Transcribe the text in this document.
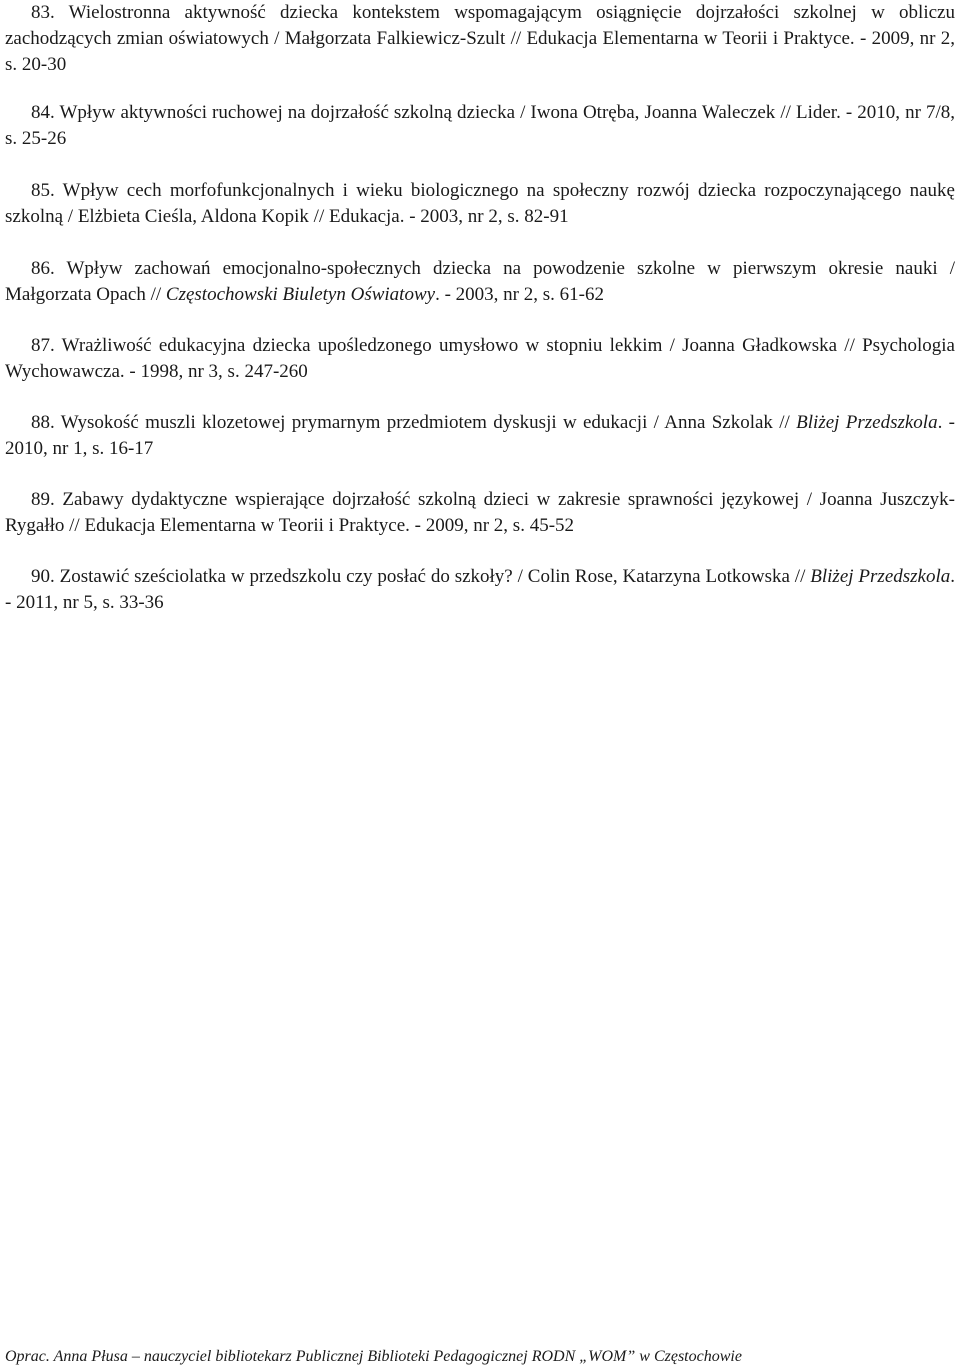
83. Wielostronna aktywność dziecka kontekstem wspomagającym osiągnięcie dojrzałości szkolnej w obliczu zachodzących zmian oświatowych / Małgorzata Falkiewicz-Szult // Edukacja Elementarna w Teorii i Praktyce. - 2009, nr 2, s. 20-30
84. Wpływ aktywności ruchowej na dojrzałość szkolną dziecka / Iwona Otręba, Joanna Waleczek // Lider. - 2010, nr 7/8, s. 25-26
85. Wpływ cech morfofunkcjonalnych i wieku biologicznego na społeczny rozwój dziecka rozpoczynającego naukę szkolną / Elżbieta Cieśla, Aldona Kopik // Edukacja. - 2003, nr 2, s. 82-91
86. Wpływ zachowań emocjonalno-społecznych dziecka na powodzenie szkolne w pierwszym okresie nauki / Małgorzata Opach // Częstochowski Biuletyn Oświatowy. - 2003, nr 2, s. 61-62
87. Wrażliwość edukacyjna dziecka upośledzonego umysłowo w stopniu lekkim / Joanna Gładkowska // Psychologia Wychowawcza. - 1998, nr 3, s. 247-260
88. Wysokość muszli klozetowej prymarnym przedmiotem dyskusji w edukacji / Anna Szkolak // Bliżej Przedszkola. - 2010, nr 1, s. 16-17
89. Zabawy dydaktyczne wspierające dojrzałość szkolną dzieci w zakresie sprawności językowej / Joanna Juszczyk-Rygałło // Edukacja Elementarna w Teorii i Praktyce. - 2009, nr 2, s. 45-52
90. Zostawić sześciolatka w przedszkolu czy posłać do szkoły? / Colin Rose, Katarzyna Lotkowska // Bliżej Przedszkola. - 2011, nr 5, s. 33-36
Oprac. Anna Płusa – nauczyciel bibliotekarz Publicznej Biblioteki Pedagogicznej RODN „WOM” w Częstochowie
